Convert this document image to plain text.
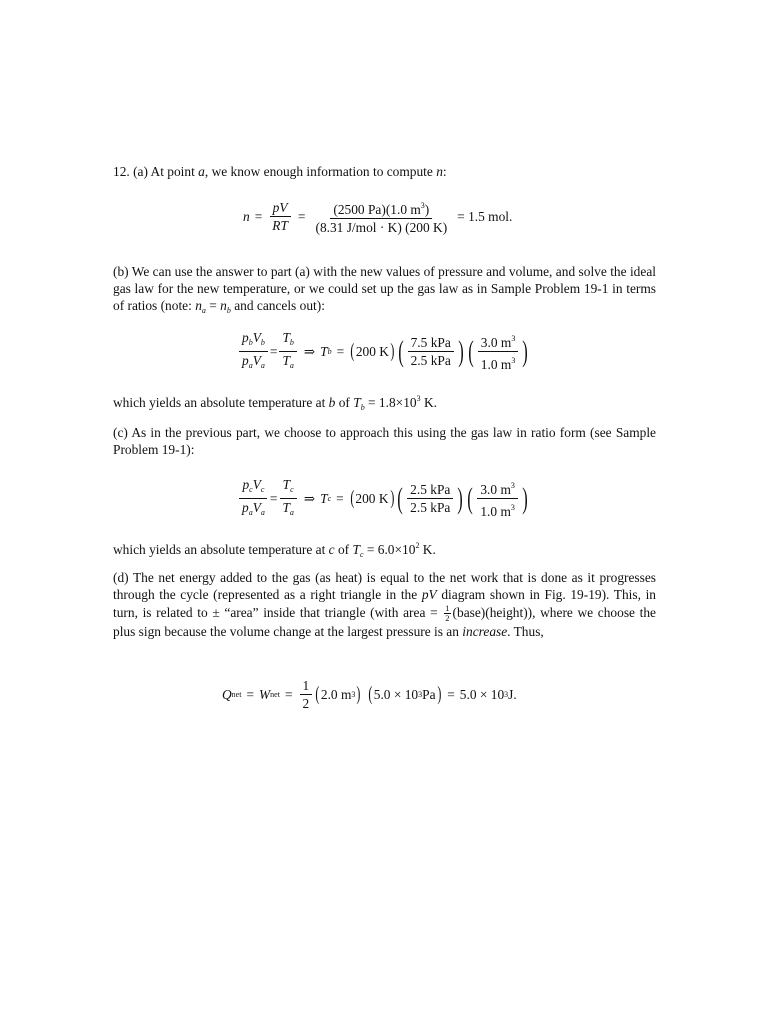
12. (a) At point a, we know enough information to compute n:
$n = \frac{pV}{RT} = \frac{(2500 Pa)(1.0 m^3)}{\text{(8.31 J/mol · K) (200 K)}} = 1.5$ mol.
(b) We can use the answer to part (a) with the new values of pressure and volume, and solve the ideal gas law for the new temperature, or we could set up the gas law as in Sample Problem 19-1 in terms of ratios (note: $n_a = n_b$ and cancels out):
$\frac{p_bV_b}{p_aV_a} = \frac{T_b}{T_a}$ ⇒ T b = ( 200 K ) ( $\frac{\text{7.5 kPa}}{\text{2.5 kPa}}$ ) ( $\frac{3.0 m^3}{1.0 m^3}$ )
which yields an absolute temperature at b of $T_b = 1.8\times 10^3$ K.
(c) As in the previous part, we choose to approach this using the gas law in ratio form (see Sample Problem 19-1):
$\frac{p_cV_c}{p_aV_a} = \frac{T_c}{T_a}$ ⇒ T c = ( 200 K ) ( $\frac{\text{2.5 kPa}}{\text{2.5 kPa}}$ ) ( $\frac{3.0 m^3}{1.0 m^3}$ )
which yields an absolute temperature at c of $T_c = 6.0\times 10^2$ K.
(d) The net energy added to the gas (as heat) is equal to the net work that is done as it progresses through the cycle (represented as a right triangle in the pV diagram shown in Fig. 19-19). This, in turn, is related to ± “area” inside that triangle (with area = $\frac{1}{2}$ (base)(height)), where we choose the plus sign because the volume change at the largest pressure is an increase. Thus,
Q net = W net = $\frac{1}{2}$ ( 2.0 m 3 ) ( 5.0 × 10 3 Pa ) = 5.0 × 10 3 J.
